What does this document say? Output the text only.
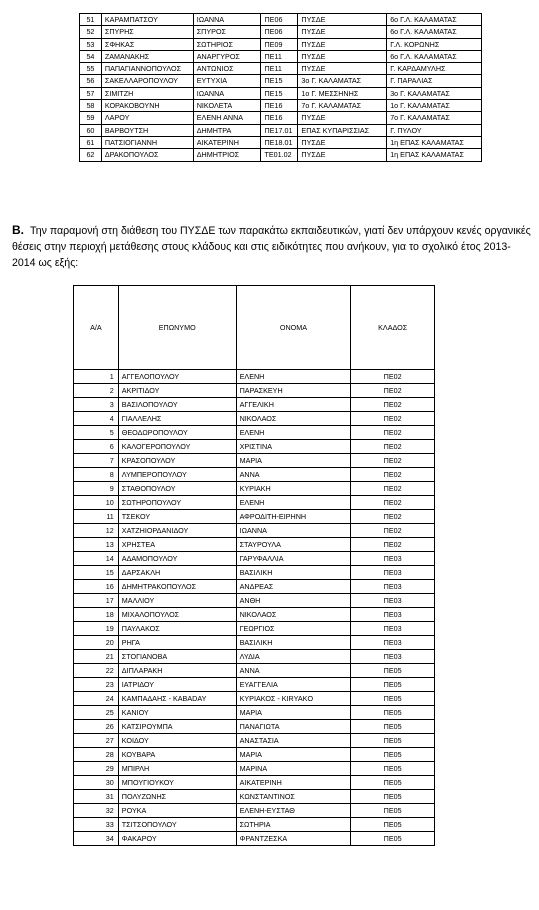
51	ΚΑΡΑΜΠΑΤΣΟΥ	ΙΩΑΝΝΑ	ΠΕ06	ΠΥΣΔΕ	6ο Γ.Λ. ΚΑΛΑΜΑΤΑΣ
52	ΣΠΥΡΗΣ	ΣΠΥΡΟΣ	ΠΕ06	ΠΥΣΔΕ	6ο Γ.Λ. ΚΑΛΑΜΑΤΑΣ
53	ΣΦΗΚΑΣ	ΣΩΤΗΡΙΟΣ	ΠΕ09	ΠΥΣΔΕ	Γ.Λ. ΚΟΡΩΝΗΣ
54	ΖΑΜΑΝΑΚΗΣ	ΑΝΑΡΓΥΡΟΣ	ΠΕ11	ΠΥΣΔΕ	6ο Γ.Λ. ΚΑΛΑΜΑΤΑΣ
55	ΠΑΠΑΓΙΑΝΝΟΠΟΥΛΟΣ	ΑΝΤΩΝΙΟΣ	ΠΕ11	ΠΥΣΔΕ	Γ. ΚΑΡΔΑΜΥΛΗΣ
56	ΣΑΚΕΛΛΑΡΟΠΟΥΛΟΥ	ΕΥΤΥΧΙΑ	ΠΕ15	3ο Γ. ΚΑΛΑΜΑΤΑΣ	Γ. ΠΑΡΑΛΙΑΣ
57	ΣΙΜΙΤΖΗ	ΙΩΑΝΝΑ	ΠΕ15	1ο Γ. ΜΕΣΣΗΝΗΣ	3ο Γ. ΚΑΛΑΜΑΤΑΣ
58	ΚΟΡΑΚΟΒΟΥΝΗ	ΝΙΚΟΛΕΤΑ	ΠΕ16	7ο Γ. ΚΑΛΑΜΑΤΑΣ	1ο Γ. ΚΑΛΑΜΑΤΑΣ
59	ΛΑΡΟΥ	ΕΛΕΝΗ ΑΝΝΑ	ΠΕ16	ΠΥΣΔΕ	7ο Γ. ΚΑΛΑΜΑΤΑΣ
60	ΒΑΡΒΟΥΤΣΗ	ΔΗΜΗΤΡΑ	ΠΕ17.01	ΕΠΑΣ ΚΥΠΑΡΙΣΣΙΑΣ	Γ. ΠΥΛΟΥ
61	ΠΑΤΣΙΟΓΙΑΝΝΗ	ΑΙΚΑΤΕΡΙΝΗ	ΠΕ18.01	ΠΥΣΔΕ	1η ΕΠΑΣ ΚΑΛΑΜΑΤΑΣ
62	ΔΡΑΚΟΠΟΥΛΟΣ	ΔΗΜΗΤΡΙΟΣ	ΤΕ01.02	ΠΥΣΔΕ	1η ΕΠΑΣ ΚΑΛΑΜΑΤΑΣ
Β. Την παραμονή στη διάθεση του ΠΥΣΔΕ των παρακάτω εκπαιδευτικών, γιατί δεν υπάρχουν κενές οργανικές θέσεις στην περιοχή μετάθεσης στους κλάδους και στις ειδικότητες που ανήκουν, για το σχολικό έτος 2013-2014 ως εξής:
Α/Α	ΕΠΩΝΥΜΟ	ΟΝΟΜΑ	ΚΛΑΔΟΣ
1	ΑΓΓΕΛΟΠΟΥΛΟΥ	ΕΛΕΝΗ	ΠΕ02
2	ΑΚΡΙΤΙΔΟΥ	ΠΑΡΑΣΚΕΥΗ	ΠΕ02
3	ΒΑΣΙΛΟΠΟΥΛΟΥ	ΑΓΓΕΛΙΚΗ	ΠΕ02
4	ΓΙΑΛΛΕΛΗΣ	ΝΙΚΟΛΑΟΣ	ΠΕ02
5	ΘΕΟΔΩΡΟΠΟΥΛΟΥ	ΕΛΕΝΗ	ΠΕ02
6	ΚΑΛΟΓΕΡΟΠΟΥΛΟΥ	ΧΡΙΣΤΙΝΑ	ΠΕ02
7	ΚΡΑΣΟΠΟΥΛΟΥ	ΜΑΡΙΑ	ΠΕ02
8	ΛΥΜΠΕΡΟΠΟΥΛΟΥ	ΑΝΝΑ	ΠΕ02
9	ΣΤΑΘΟΠΟΥΛΟΥ	ΚΥΡΙΑΚΗ	ΠΕ02
10	ΣΩΤΗΡΟΠΟΥΛΟΥ	ΕΛΕΝΗ	ΠΕ02
11	ΤΣΕΚΟΥ	ΑΦΡΟΔΙΤΗ-ΕΙΡΗΝΗ	ΠΕ02
12	ΧΑΤΖΗΙΟΡΔΑΝΙΔΟΥ	ΙΩΑΝΝΑ	ΠΕ02
13	ΧΡΗΣΤΕΑ	ΣΤΑΥΡΟΥΛΑ	ΠΕ02
14	ΑΔΑΜΟΠΟΥΛΟΥ	ΓΑΡΥΦΑΛΛΙΑ	ΠΕ03
15	ΔΑΡΣΑΚΛΗ	ΒΑΣΙΛΙΚΗ	ΠΕ03
16	ΔΗΜΗΤΡΑΚΟΠΟΥΛΟΣ	ΑΝΔΡΕΑΣ	ΠΕ03
17	ΜΑΛΛΙΟΥ	ΑΝΘΗ	ΠΕ03
18	ΜΙΧΑΛΟΠΟΥΛΟΣ	ΝΙΚΟΛΑΟΣ	ΠΕ03
19	ΠΑΥΛΑΚΟΣ	ΓΕΩΡΓΙΟΣ	ΠΕ03
20	ΡΗΓΑ	ΒΑΣΙΛΙΚΗ	ΠΕ03
21	ΣΤΟΓΙΑΝΟΒΑ	ΛΥΔΙΑ	ΠΕ03
22	ΔΙΠΛΑΡΑΚΗ	ΑΝΝΑ	ΠΕ05
23	ΙΑΤΡΙΔΟΥ	ΕΥΑΓΓΕΛΙΑ	ΠΕ05
24	ΚΑΜΠΑΔΑΗΣ - KABADAY	ΚΥΡΙΑΚΟΣ - KIRYAKO	ΠΕ05
25	ΚΑΝΙΟΥ	ΜΑΡΙΑ	ΠΕ05
26	ΚΑΤΣΙΡΟΥΜΠΑ	ΠΑΝΑΓΙΩΤΑ	ΠΕ05
27	ΚΟΙΔΟΥ	ΑΝΑΣΤΑΣΙΑ	ΠΕ05
28	ΚΟΥΒΑΡΑ	ΜΑΡΙΑ	ΠΕ05
29	ΜΠΙΡΛΗ	ΜΑΡΙΝΑ	ΠΕ05
30	ΜΠΟΥΓΙΟΥΚΟΥ	ΑΙΚΑΤΕΡΙΝΗ	ΠΕ05
31	ΠΟΛΥΖΩΝΗΣ	ΚΩΝΣΤΑΝΤΙΝΟΣ	ΠΕ05
32	ΡΟΥΚΑ	ΕΛΕΝΗ-ΕΥΣΤΑΘ	ΠΕ05
33	ΤΣΙΤΣΟΠΟΥΛΟΥ	ΣΩΤΗΡΙΑ	ΠΕ05
34	ΦΑΚΑΡΟΥ	ΦΡΑΝΤΖΕΣΚΑ	ΠΕ05
